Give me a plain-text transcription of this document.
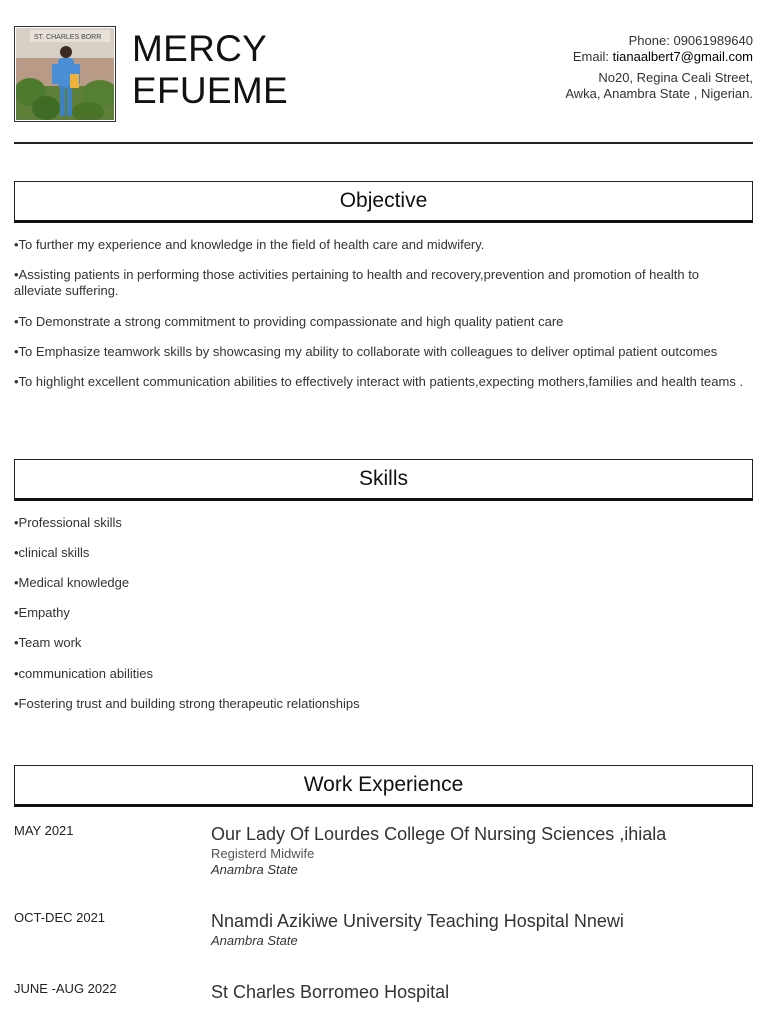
ST. CHARLES BORR MERCY
EFUEME
Phone: 09061989640
Email: tianaalbert7@gmail.com
No20, Regina Ceali Street,
Awka, Anambra State , Nigerian.
Objective

•To further my experience and knowledge in the field of health care and midwifery.

•Assisting patients in performing those activities pertaining to health and recovery,prevention and promotion of health to alleviate suffering.

•To Demonstrate a strong commitment to providing compassionate and high quality patient care

•To Emphasize teamwork skills by showcasing my ability to collaborate with colleagues to deliver optimal patient outcomes

•To highlight excellent communication abilities to effectively interact with patients,expecting mothers,families and health teams .

Skills

•Professional skills

•clinical skills

•Medical knowledge

•Empathy

•Team work

•communication abilities

•Fostering trust and building strong therapeutic relationships

Work Experience
MAY 2021	Our Lady Of Lourdes College Of Nursing Sciences ,ihiala
Registerd Midwife
Anambra State
OCT-DEC 2021	Nnamdi Azikiwe University Teaching Hospital Nnewi
Anambra State
JUNE -AUG 2022	St Charles Borromeo Hospital
